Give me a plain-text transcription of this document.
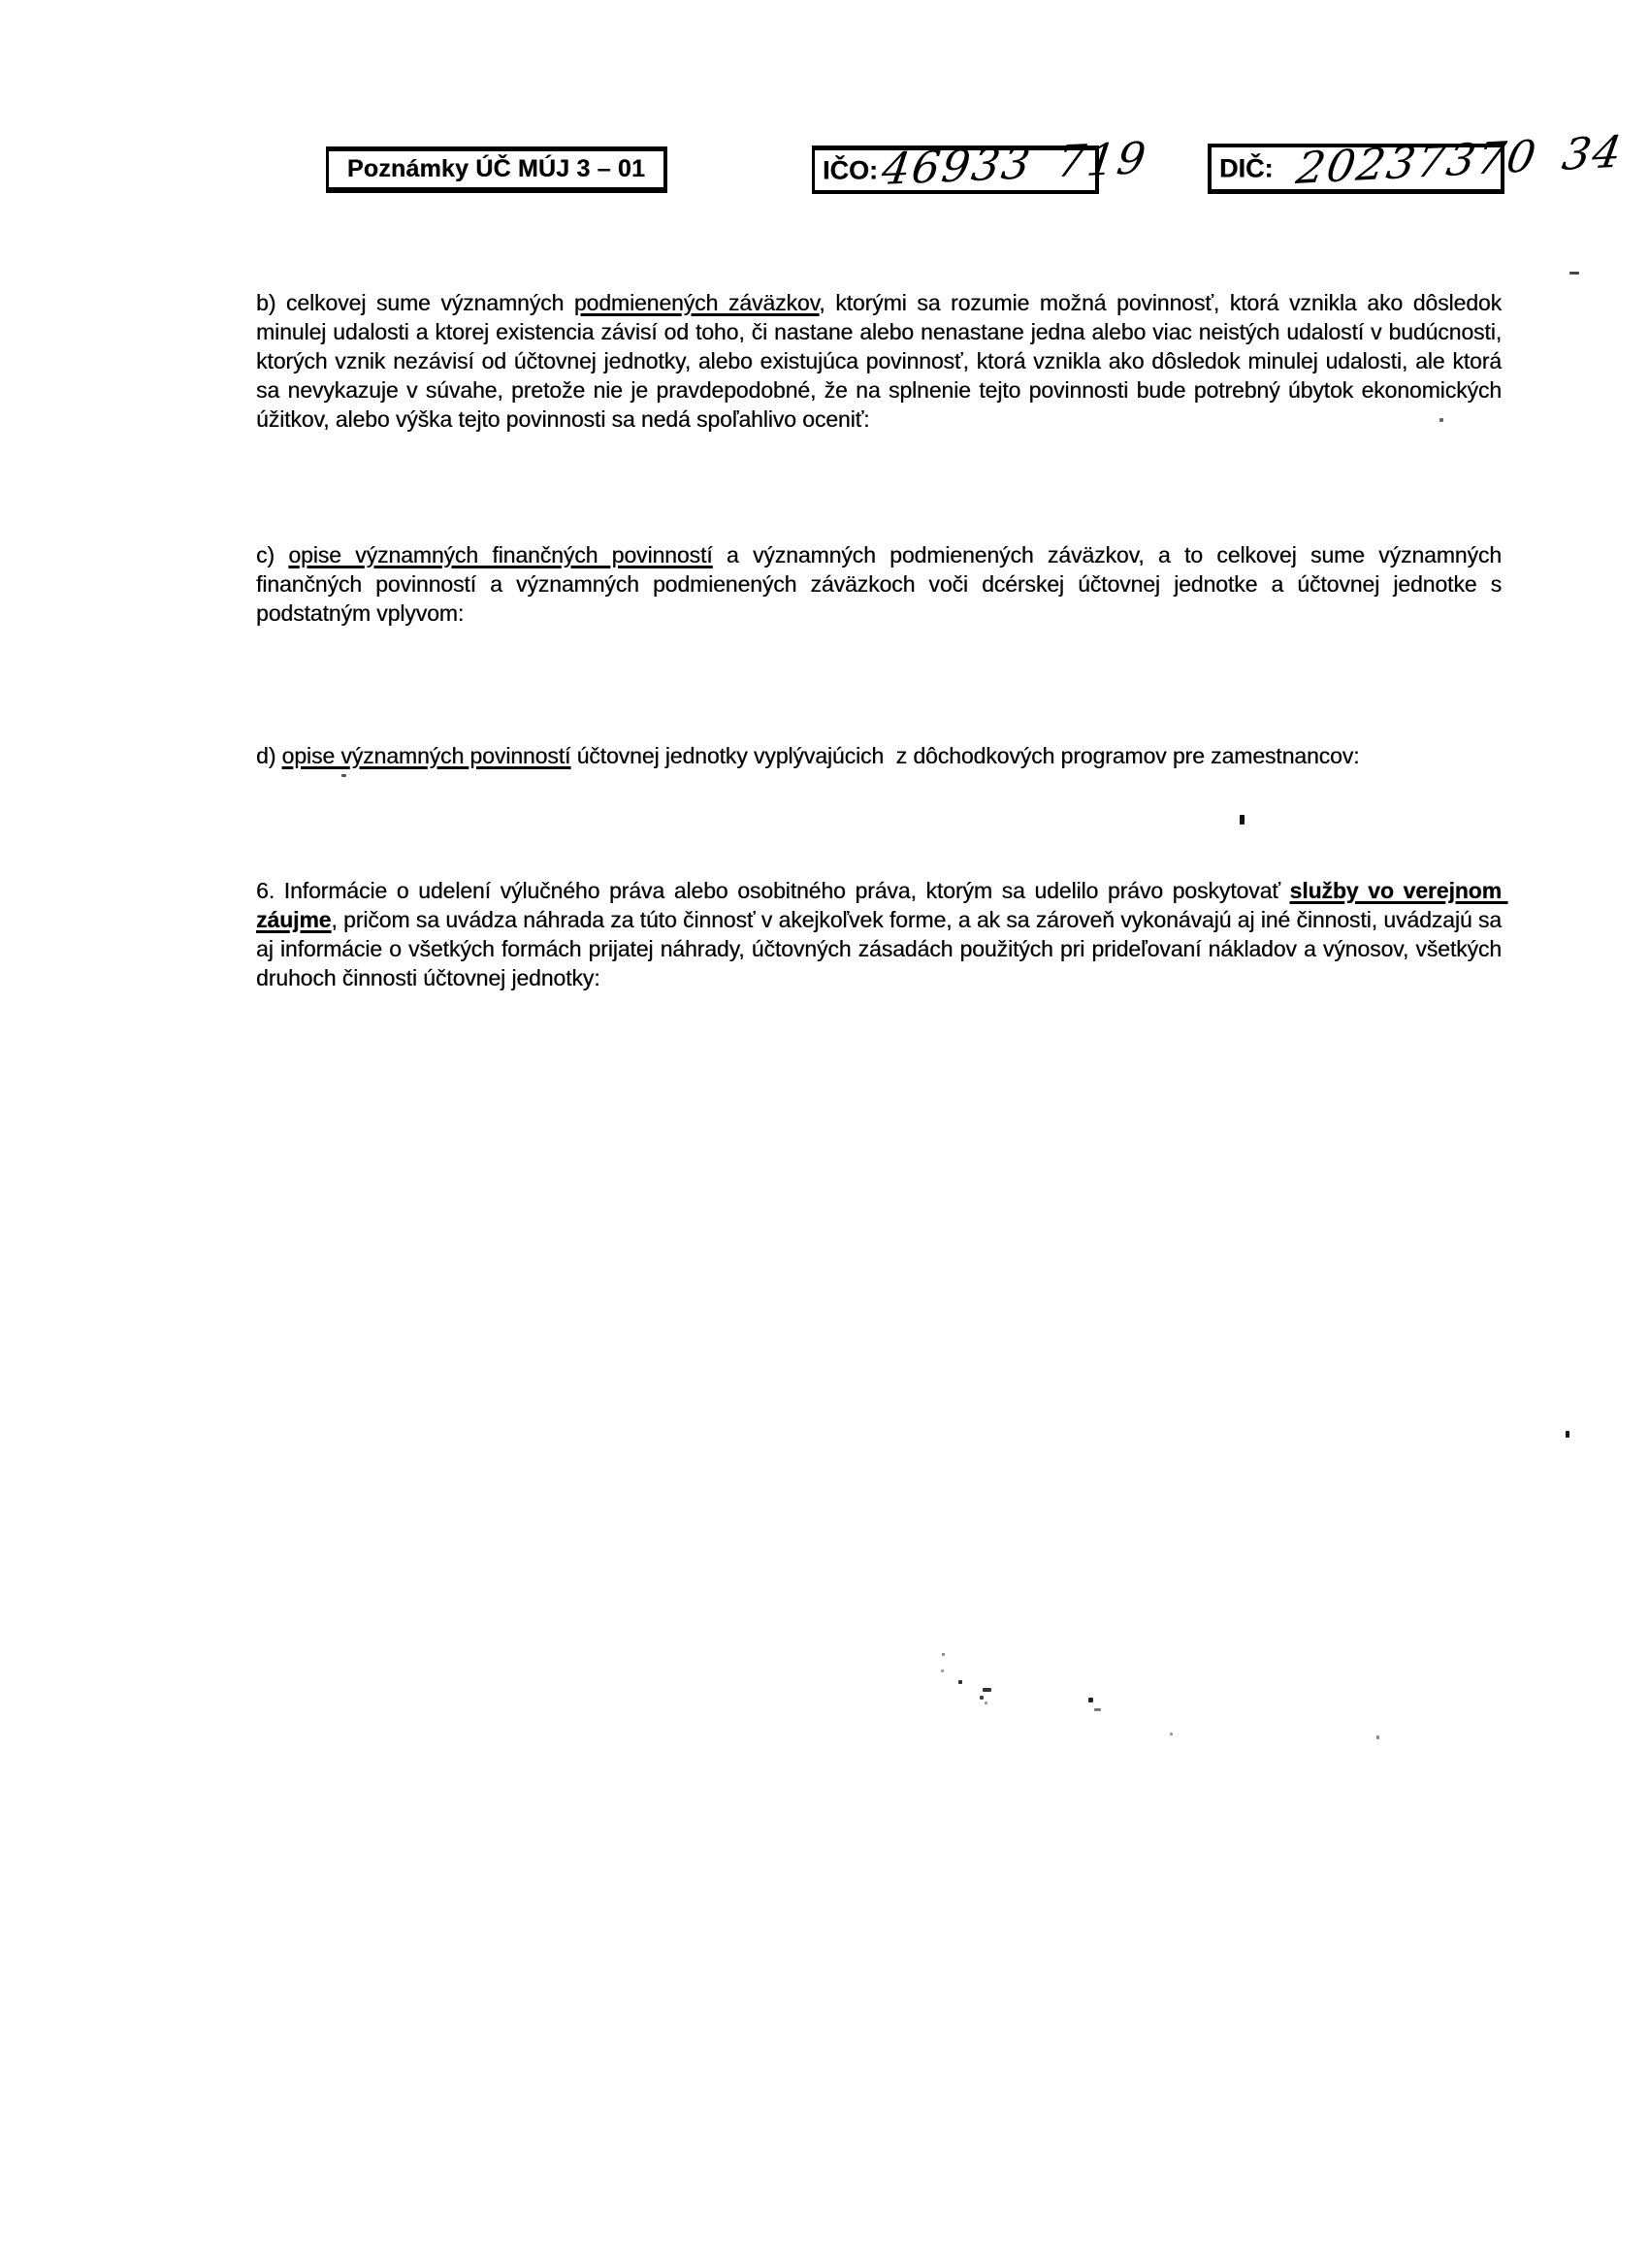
Poznámky ÚČ MÚJ 3 – 01	IČO: 46933 719	DIČ: 20237370 34

b) celkovej sume významných podmienených záväzkov, ktorými sa rozumie možná povinnosť, ktorá vznikla ako dôsledok minulej udalosti a ktorej existencia závisí od toho, či nastane alebo nenastane jedna alebo viac neistých udalostí v budúcnosti, ktorých vznik nezávisí od účtovnej jednotky, alebo existujúca povinnosť, ktorá vznikla ako dôsledok minulej udalosti, ale ktorá sa nevykazuje v súvahe, pretože nie je pravdepodobné, že na splnenie tejto povinnosti bude potrebný úbytok ekonomických úžitkov, alebo výška tejto povinnosti sa nedá spoľahlivo oceniť:

c) opise významných finančných povinností a významných podmienených záväzkov, a to celkovej sume významných finančných povinností a významných podmienených záväzkoch voči dcérskej účtovnej jednotke a účtovnej jednotke s podstatným vplyvom:

d) opise významných povinností účtovnej jednotky vyplývajúcich  z dôchodkových programov pre zamestnancov:

6. Informácie o udelení výlučného práva alebo osobitného práva, ktorým sa udelilo právo poskytovať služby vo verejnom záujme, pričom sa uvádza náhrada za túto činnosť v akejkoľvek forme, a ak sa zároveň vykonávajú aj iné činnosti, uvádzajú sa aj informácie o všetkých formách prijatej náhrady, účtovných zásadách použitých pri prideľovaní nákladov a výnosov, všetkých druhoch činnosti účtovnej jednotky:
